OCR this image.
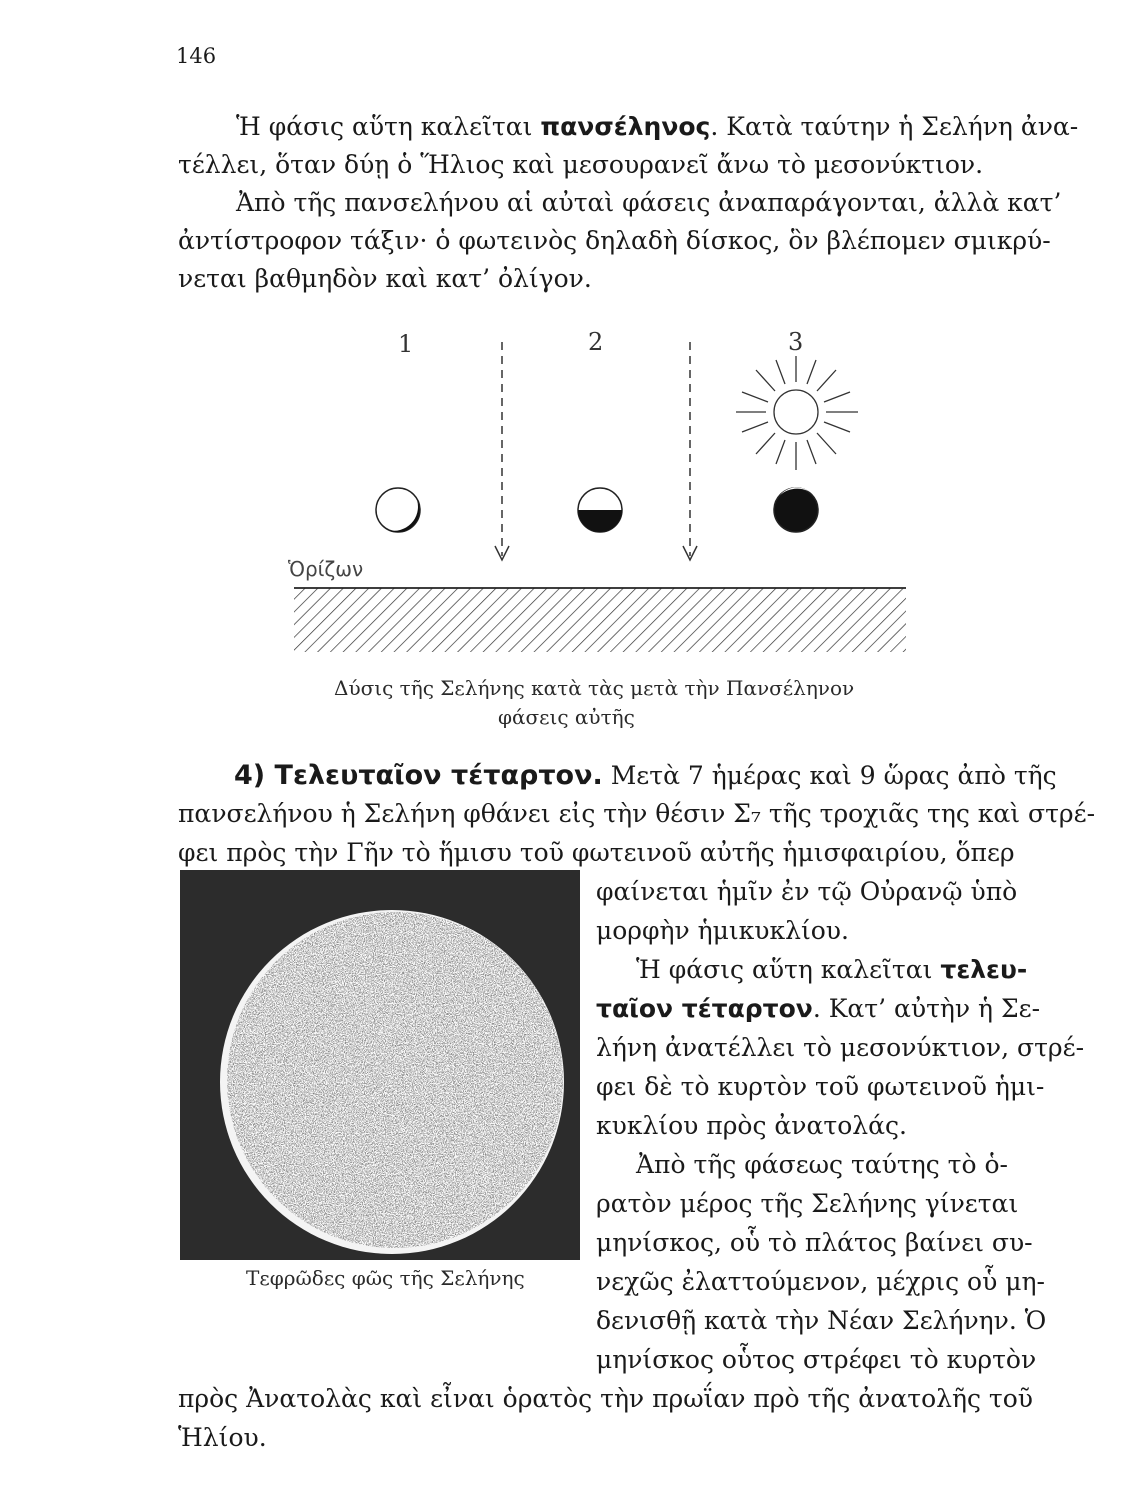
146
Ἡ φάσις αὕτη καλεῖται πανσέληνος. Κατὰ ταύτην ἡ Σελήνη ἀνα-
τέλλει, ὅταν δύῃ ὁ Ἥλιος καὶ μεσουρανεῖ ἄνω τὸ μεσονύκτιον.
Ἀπὸ τῆς πανσελήνου αἱ αὐταὶ φάσεις ἀναπαράγονται, ἀλλὰ κατ’
ἀντίστροφον τάξιν· ὁ φωτεινὸς δηλαδὴ δίσκος, ὃν βλέπομεν σμικρύ-
νεται βαθμηδὸν καὶ κατ’ ὀλίγον.
1	2	3
Ὁρίζων
Δύσις τῆς Σελήνης κατὰ τὰς μετὰ τὴν Πανσέληνον
φάσεις αὐτῆς
4) Τελευταῖον τέταρτον. Μετὰ 7 ἡμέρας καὶ 9 ὥρας ἀπὸ τῆς
πανσελήνου ἡ Σελήνη φθάνει εἰς τὴν θέσιν Σ₇ τῆς τροχιᾶς της καὶ στρέ-
φει πρὸς τὴν Γῆν τὸ ἥμισυ τοῦ φωτεινοῦ αὐτῆς ἡμισφαιρίου, ὅπερ
Τεφρῶδες φῶς τῆς Σελήνης
φαίνεται ἡμῖν ἐν τῷ Οὐρανῷ ὑπὸ
μορφὴν ἡμικυκλίου.
Ἡ φάσις αὕτη καλεῖται τελευ-
ταῖον τέταρτον. Κατ’ αὐτὴν ἡ Σε-
λήνη ἀνατέλλει τὸ μεσονύκτιον, στρέ-
φει δὲ τὸ κυρτὸν τοῦ φωτεινοῦ ἡμι-
κυκλίου πρὸς ἀνατολάς.
Ἀπὸ τῆς φάσεως ταύτης τὸ ὁ-
ρατὸν μέρος τῆς Σελήνης γίνεται
μηνίσκος, οὗ τὸ πλάτος βαίνει συ-
νεχῶς ἐλαττούμενον, μέχρις οὗ μη-
δενισθῇ κατὰ τὴν Νέαν Σελήνην. Ὁ
μηνίσκος οὗτος στρέφει τὸ κυρτὸν
πρὸς Ἀνατολὰς καὶ εἶναι ὁρατὸς τὴν πρωΐαν πρὸ τῆς ἀνατολῆς τοῦ
Ἡλίου.
